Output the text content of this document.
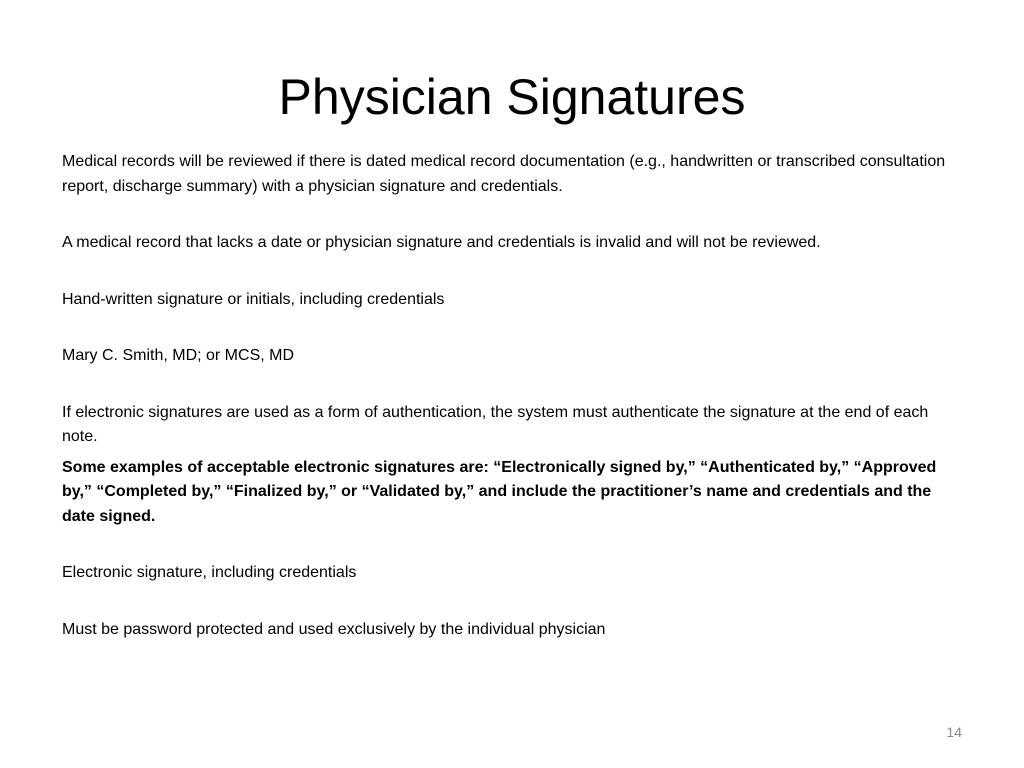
Physician Signatures

Medical records will be reviewed if there is dated medical record documentation (e.g., handwritten or transcribed consultation report, discharge summary) with a physician signature and credentials.

A medical record that lacks a date or physician signature and credentials is invalid and will not be reviewed.

Hand-written signature or initials, including credentials

Mary C. Smith, MD; or MCS, MD

If electronic signatures are used as a form of authentication, the system must authenticate the signature at the end of each note.

Some examples of acceptable electronic signatures are: “Electronically signed by,” “Authenticated by,” “Approved by,” “Completed by,” “Finalized by,” or “Validated by,” and include the practitioner’s name and credentials and the date signed.

Electronic signature, including credentials

Must be password protected and used exclusively by the individual physician

14
